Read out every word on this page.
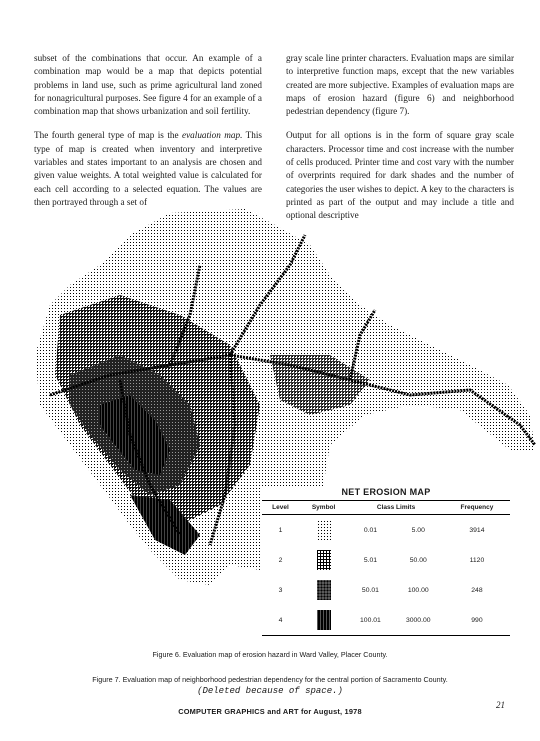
subset of the combinations that occur. An example of a combination map would be a map that depicts potential problems in land use, such as prime agricultural land zoned for nonagricultural purposes. See figure 4 for an example of a combination map that shows urbanization and soil fertility.

The fourth general type of map is the evaluation map. This type of map is created when inventory and interpretive variables and states important to an analysis are chosen and given value weights. A total weighted value is calculated for each cell according to a selected equation. The values are then portrayed through a set of

gray scale line printer characters. Evaluation maps are similar to interpretive function maps, except that the new variables created are more subjective. Examples of evaluation maps are maps of erosion hazard (figure 6) and neighborhood pedestrian dependency (figure 7).

Output for all options is in the form of square gray scale characters. Processor time and cost increase with the number of cells produced. Printer time and cost vary with the number of overprints required for dark shades and the number of categories the user wishes to depict. A key to the characters is printed as part of the output and may include a title and optional descriptive

NET EROSION MAP
Level	Symbol	Class Limits		Frequency
1		0.01	5.00	3914
2		5.01	50.00	1120
3		50.01	100.00	248
4		100.01	3000.00	990
Figure 6. Evaluation map of erosion hazard in Ward Valley, Placer County.
Figure 7. Evaluation map of neighborhood pedestrian dependency for the central portion of Sacramento County.
(Deleted because of space.)
COMPUTER GRAPHICS and ART for August, 1978
21
